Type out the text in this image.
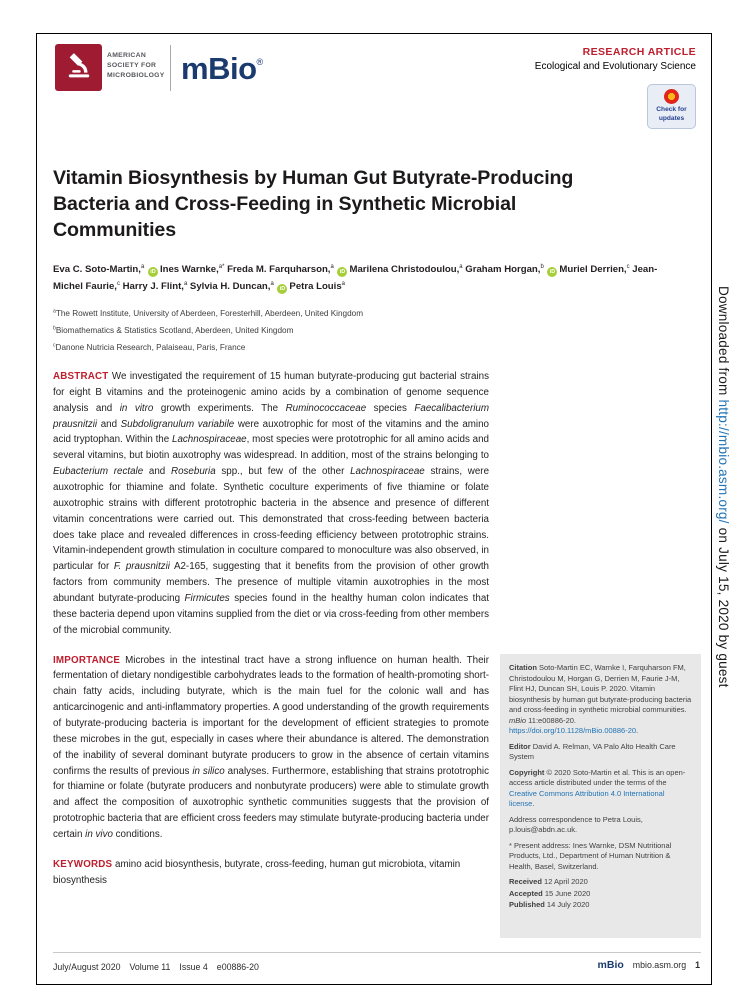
AMERICAN
SOCIETY FOR
MICROBIOLOGY mBio®
RESEARCH ARTICLE
Ecological and Evolutionary Science
Check for
updates
Vitamin Biosynthesis by Human Gut Butyrate-Producing Bacteria and Cross-Feeding in Synthetic Microbial Communities
Eva C. Soto-Martin,$^a$ iD Ines Warnke,$^{a*}$ Freda M. Farquharson,$^a$ iD Marilena Christodoulou,$^a$ Graham Horgan,$^b$ iD Muriel Derrien,$^c$ Jean-Michel Faurie,$^c$ Harry J. Flint,$^a$ Sylvia H. Duncan,$^a$ iD Petra Louis$^a$
$^a$The Rowett Institute, University of Aberdeen, Foresterhill, Aberdeen, United Kingdom
$^b$Biomathematics & Statistics Scotland, Aberdeen, United Kingdom
$^c$Danone Nutricia Research, Palaiseau, Paris, France

ABSTRACT We investigated the requirement of 15 human butyrate-producing gut bacterial strains for eight B vitamins and the proteinogenic amino acids by a combination of genome sequence analysis and in vitro growth experiments. The Ruminococcaceae species Faecalibacterium prausnitzii and Subdoligranulum variabile were auxotrophic for most of the vitamins and the amino acid tryptophan. Within the Lachnospiraceae, most species were prototrophic for all amino acids and several vitamins, but biotin auxotrophy was widespread. In addition, most of the strains belonging to Eubacterium rectale and Roseburia spp., but few of the other Lachnospiraceae strains, were auxotrophic for thiamine and folate. Synthetic coculture experiments of five thiamine or folate auxotrophic strains with different prototrophic bacteria in the absence and presence of different vitamin concentrations were carried out. This demonstrated that cross-feeding between bacteria does take place and revealed differences in cross-feeding efficiency between prototrophic strains. Vitamin-independent growth stimulation in coculture compared to monoculture was also observed, in particular for F. prausnitzii A2-165, suggesting that it benefits from the provision of other growth factors from community members. The presence of multiple vitamin auxotrophies in the most abundant butyrate-producing Firmicutes species found in the healthy human colon indicates that these bacteria depend upon vitamins supplied from the diet or via cross-feeding from other members of the microbial community.

IMPORTANCE Microbes in the intestinal tract have a strong influence on human health. Their fermentation of dietary nondigestible carbohydrates leads to the formation of health-promoting short-chain fatty acids, including butyrate, which is the main fuel for the colonic wall and has anticarcinogenic and anti-inflammatory properties. A good understanding of the growth requirements of butyrate-producing bacteria is important for the development of efficient strategies to promote these microbes in the gut, especially in cases where their abundance is altered. The demonstration of the inability of several dominant butyrate producers to grow in the absence of certain vitamins confirms the results of previous in silico analyses. Furthermore, establishing that strains prototrophic for thiamine or folate (butyrate producers and nonbutyrate producers) were able to stimulate growth and affect the composition of auxotrophic synthetic communities suggests that the provision of prototrophic bacteria that are efficient cross feeders may stimulate butyrate-producing bacteria under certain in vivo conditions.

KEYWORDS amino acid biosynthesis, butyrate, cross-feeding, human gut microbiota, vitamin biosynthesis

Citation Soto-Martin EC, Warnke I, Farquharson FM, Christodoulou M, Horgan G, Derrien M, Faurie J-M, Flint HJ, Duncan SH, Louis P. 2020. Vitamin biosynthesis by human gut butyrate-producing bacteria and cross-feeding in synthetic microbial communities. mBio 11:e00886-20. https://doi.org/10.1128/mBio.00886-20.

Editor David A. Relman, VA Palo Alto Health Care System

Copyright © 2020 Soto-Martin et al. This is an open-access article distributed under the terms of the Creative Commons Attribution 4.0 International license.

Address correspondence to Petra Louis, p.louis@abdn.ac.uk.

* Present address: Ines Warnke, DSM Nutritional Products, Ltd., Department of Human Nutrition & Health, Basel, Switzerland.

Received 12 April 2020

Accepted 15 June 2020

Published 14 July 2020

July/August 2020 Volume 11 Issue 4 e00886-20	mBio mbio.asm.org 1
Downloaded from http://mbio.asm.org/ on July 15, 2020 by guest
